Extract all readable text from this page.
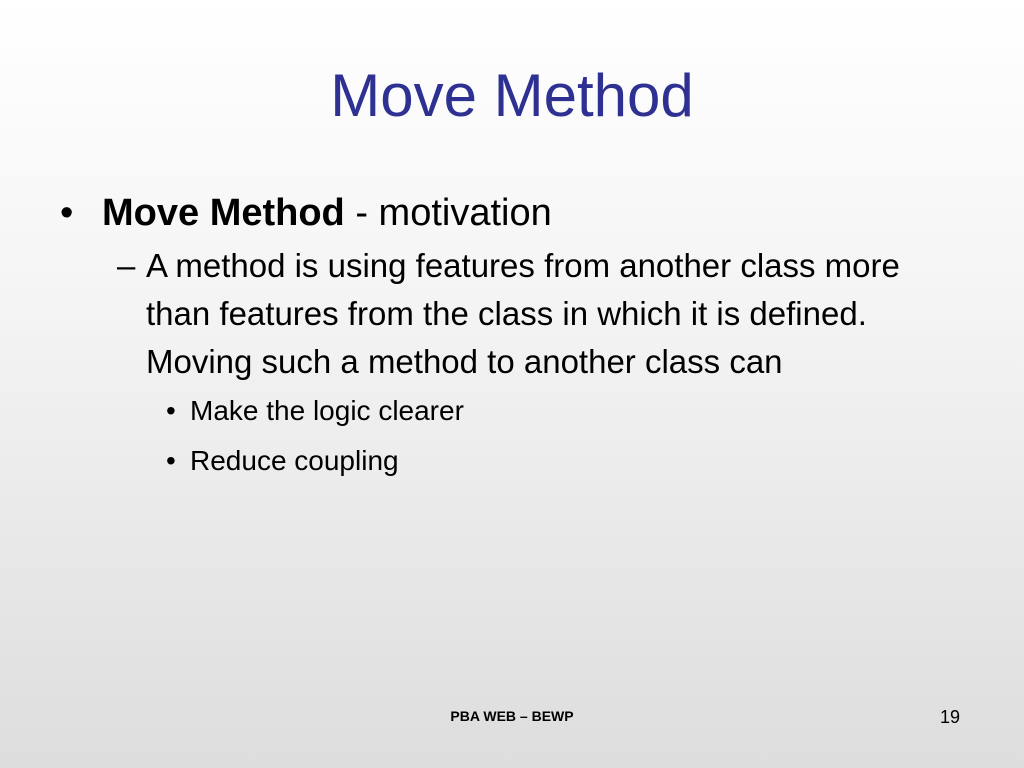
Move Method
• Move Method - motivation
– A method is using features from another class more than features from the class in which it is defined. Moving such a method to another class can
• Make the logic clearer
• Reduce coupling
PBA WEB – BEWP	19
